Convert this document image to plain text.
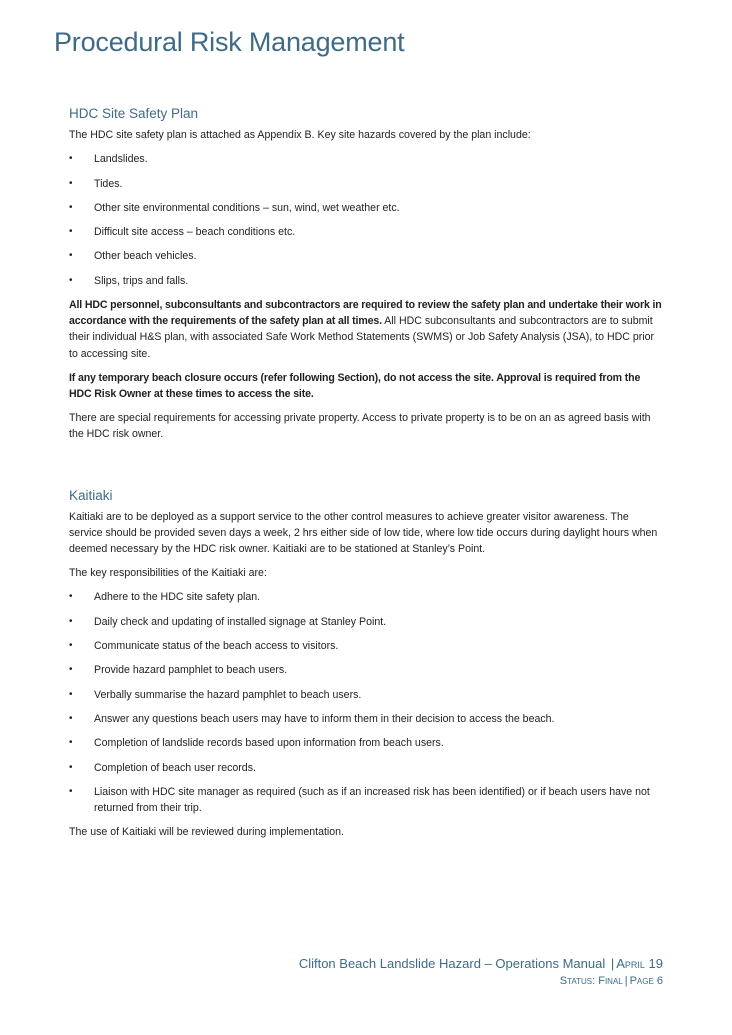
Procedural Risk Management
HDC Site Safety Plan

The HDC site safety plan is attached as Appendix B. Key site hazards covered by the plan include:

•	Landslides.
•	Tides.
•	Other site environmental conditions – sun, wind, wet weather etc.
•	Difficult site access – beach conditions etc.
•	Other beach vehicles.
•	Slips, trips and falls.

All HDC personnel, subconsultants and subcontractors are required to review the safety plan and undertake their work in accordance with the requirements of the safety plan at all times. All HDC subconsultants and subcontractors are to submit their individual H&S plan, with associated Safe Work Method Statements (SWMS) or Job Safety Analysis (JSA), to HDC prior to accessing site.

If any temporary beach closure occurs (refer following Section), do not access the site. Approval is required from the HDC Risk Owner at these times to access the site.

There are special requirements for accessing private property. Access to private property is to be on an as agreed basis with the HDC risk owner.

Kaitiaki

Kaitiaki are to be deployed as a support service to the other control measures to achieve greater visitor awareness. The service should be provided seven days a week, 2 hrs either side of low tide, where low tide occurs during daylight hours when deemed necessary by the HDC risk owner. Kaitiaki are to be stationed at Stanley’s Point.

The key responsibilities of the Kaitiaki are:

•	Adhere to the HDC site safety plan.
•	Daily check and updating of installed signage at Stanley Point.
•	Communicate status of the beach access to visitors.
•	Provide hazard pamphlet to beach users.
•	Verbally summarise the hazard pamphlet to beach users.
•	Answer any questions beach users may have to inform them in their decision to access the beach.
•	Completion of landslide records based upon information from beach users.
•	Completion of beach user records.
•	Liaison with HDC site manager as required (such as if an increased risk has been identified) or if beach users have not returned from their trip.

The use of Kaitiaki will be reviewed during implementation.

Clifton Beach Landslide Hazard – Operations Manual | April 19
Status: Final | Page 6
